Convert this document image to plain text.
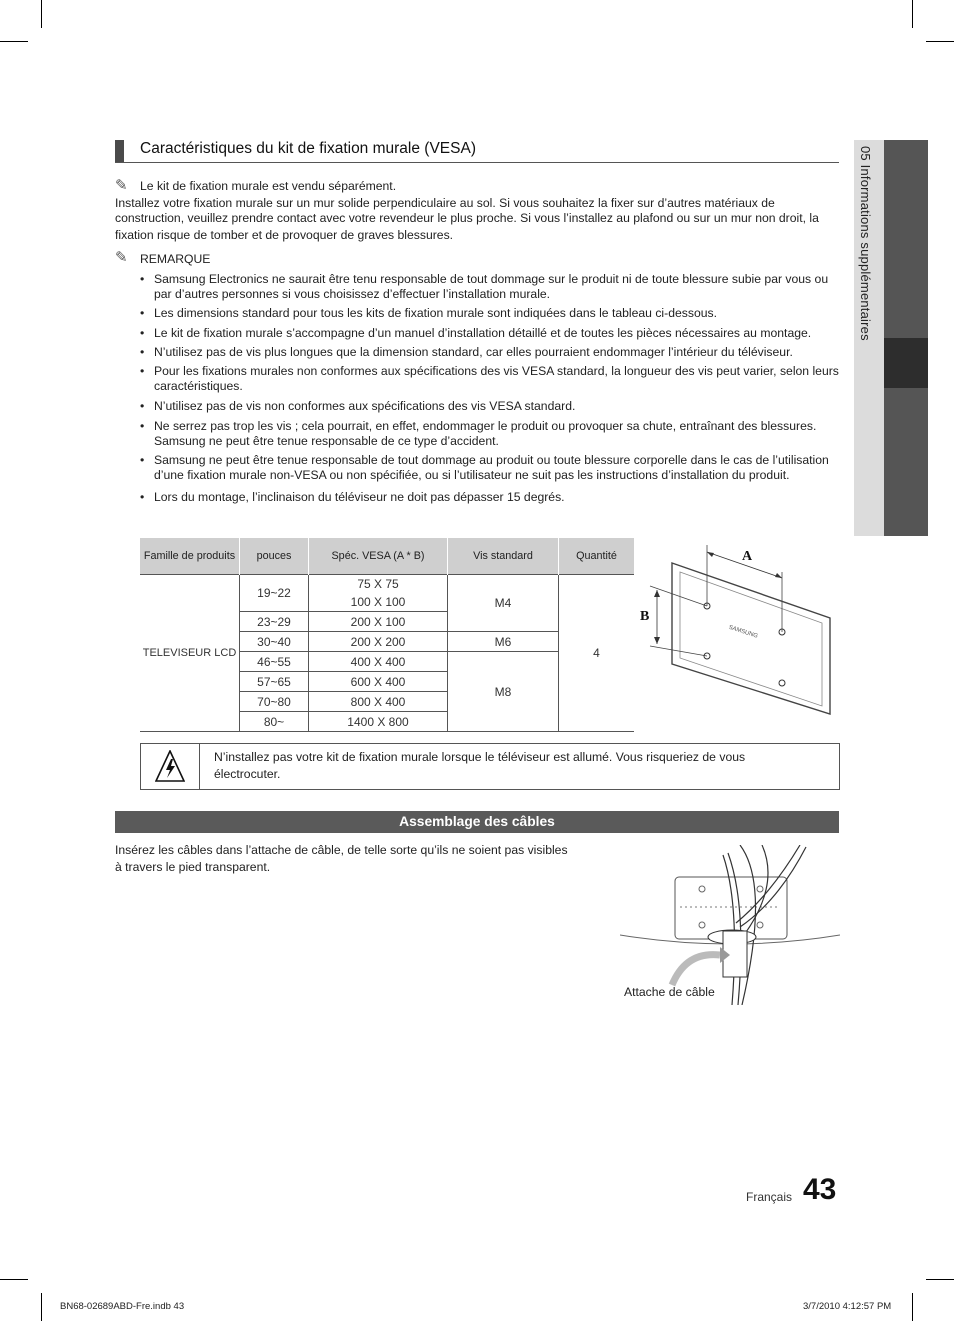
05 Informations supplémentaires
Caractéristiques du kit de fixation murale (VESA)
✎ Le kit de fixation murale est vendu séparément.
Installez votre fixation murale sur un mur solide perpendiculaire au sol. Si vous souhaitez la fixer sur d’autres matériaux de
construction, veuillez prendre contact avec votre revendeur le plus proche. Si vous l’installez au plafond ou sur un mur non droit, la
fixation risque de tomber et de provoquer de graves blessures.
✎ REMARQUE
• Samsung Electronics ne saurait être tenu responsable de tout dommage sur le produit ni de toute blessure subie par vous ou par d’autres personnes si vous choisissez d’effectuer l’installation murale.
• Les dimensions standard pour tous les kits de fixation murale sont indiquées dans le tableau ci-dessous.
• Le kit de fixation murale s’accompagne d’un manuel d’installation détaillé et de toutes les pièces nécessaires au montage.
• N’utilisez pas de vis plus longues que la dimension standard, car elles pourraient endommager l’intérieur du téléviseur.
• Pour les fixations murales non conformes aux spécifications des vis VESA standard, la longueur des vis peut varier, selon leurs caractéristiques.
• N’utilisez pas de vis non conformes aux spécifications des vis VESA standard.
• Ne serrez pas trop les vis ; cela pourrait, en effet, endommager le produit ou provoquer sa chute, entraînant des blessures. Samsung ne peut être tenue responsable de ce type d’accident.
• Samsung ne peut être tenue responsable de tout dommage au produit ou toute blessure corporelle dans le cas de l’utilisation d’une fixation murale non-VESA ou non spécifiée, ou si l’utilisateur ne suit pas les instructions d’installation du produit.
• Lors du montage, l’inclinaison du téléviseur ne doit pas dépasser 15 degrés.
Famille de produits	pouces	Spéc. VESA (A * B)	Vis standard	Quantité
TELEVISEUR LCD	19~22	75 X 75	M4	4
		100 X 100		
	23~29	200 X 100		
	30~40	200 X 200	M6	
	46~55	400 X 400	M8	
	57~65	600 X 400		
	70~80	800 X 400		
	80~	1400 X 800		
A
B
SAMSUNG
N’installez pas votre kit de fixation murale lorsque le téléviseur est allumé. Vous risqueriez de vous
électrocuter.
Assemblage des câbles
Insérez les câbles dans l’attache de câble, de telle sorte qu’ils ne soient pas visibles
à travers le pied transparent.
Attache de câble
Français 43
BN68-02689ABD-Fre.indb 43	3/7/2010 4:12:57 PM
